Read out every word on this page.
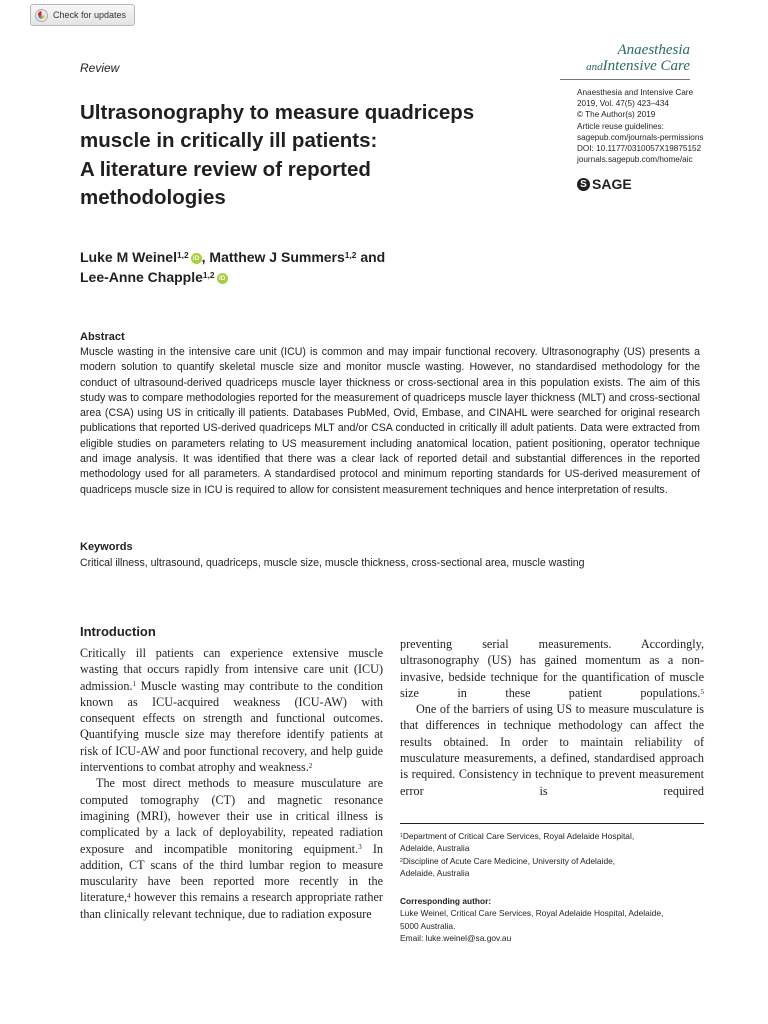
Check for updates
Review
Anaesthesia
andIntensive Care
Anaesthesia and Intensive Care
2019, Vol. 47(5) 423–434
© The Author(s) 2019
Article reuse guidelines:
sagepub.com/journals-permissions
DOI: 10.1177/0310057X19875152
journals.sagepub.com/home/aic
S SAGE
Ultrasonography to measure quadriceps
muscle in critically ill patients:
A literature review of reported
methodologies
Luke M Weinel$^{1,2}$ iD , Matthew J Summers$^{1,2}$ and
Lee-Anne Chapple$^{1,2}$ iD
Abstract
Muscle wasting in the intensive care unit (ICU) is common and may impair functional recovery. Ultrasonography (US) presents a modern solution to quantify skeletal muscle size and monitor muscle wasting. However, no standardised methodology for the conduct of ultrasound-derived quadriceps muscle layer thickness or cross-sectional area in this population exists. The aim of this study was to compare methodologies reported for the measurement of quadriceps muscle layer thickness (MLT) and cross-sectional area (CSA) using US in critically ill patients. Databases PubMed, Ovid, Embase, and CINAHL were searched for original research publications that reported US-derived quadriceps MLT and/or CSA conducted in critically ill adult patients. Data were extracted from eligible studies on parameters relating to US measurement including anatomical location, patient positioning, operator technique and image analysis. It was identified that there was a clear lack of reported detail and substantial differences in the reported methodology used for all parameters. A standardised protocol and minimum reporting standards for US-derived measurement of quadriceps muscle size in ICU is required to allow for consistent measurement techniques and hence interpretation of results.
Keywords
Critical illness, ultrasound, quadriceps, muscle size, muscle thickness, cross-sectional area, muscle wasting
Introduction

Critically ill patients can experience extensive muscle wasting that occurs rapidly from intensive care unit (ICU) admission.$^1$ Muscle wasting may contribute to the condition known as ICU-acquired weakness (ICU-AW) with consequent effects on strength and functional outcomes. Quantifying muscle size may therefore identify patients at risk of ICU-AW and poor functional recovery, and help guide interventions to combat atrophy and weakness.$^2$

The most direct methods to measure musculature are computed tomography (CT) and magnetic resonance imagining (MRI), however their use in critical illness is complicated by a lack of deployability, repeated radiation exposure and incompatible monitoring equipment.$^3$ In addition, CT scans of the third lumbar region to measure muscularity have been reported more recently in the literature,$^4$ however this remains a research appropriate rather than clinically relevant technique, due to radiation exposure

preventing serial measurements. Accordingly, ultrasonography (US) has gained momentum as a non-invasive, bedside technique for the quantification of muscle size in these patient populations.$^5$

One of the barriers of using US to measure musculature is that differences in technique methodology can affect the results obtained. In order to maintain reliability of musculature measurements, a defined, standardised approach is required. Consistency in technique to prevent measurement error is required

$^1$Department of Critical Care Services, Royal Adelaide Hospital,
Adelaide, Australia
$^2$Discipline of Acute Care Medicine, University of Adelaide,
Adelaide, Australia
Corresponding author:
Luke Weinel, Critical Care Services, Royal Adelaide Hospital, Adelaide,
5000 Australia.
Email: luke.weinel@sa.gov.au
